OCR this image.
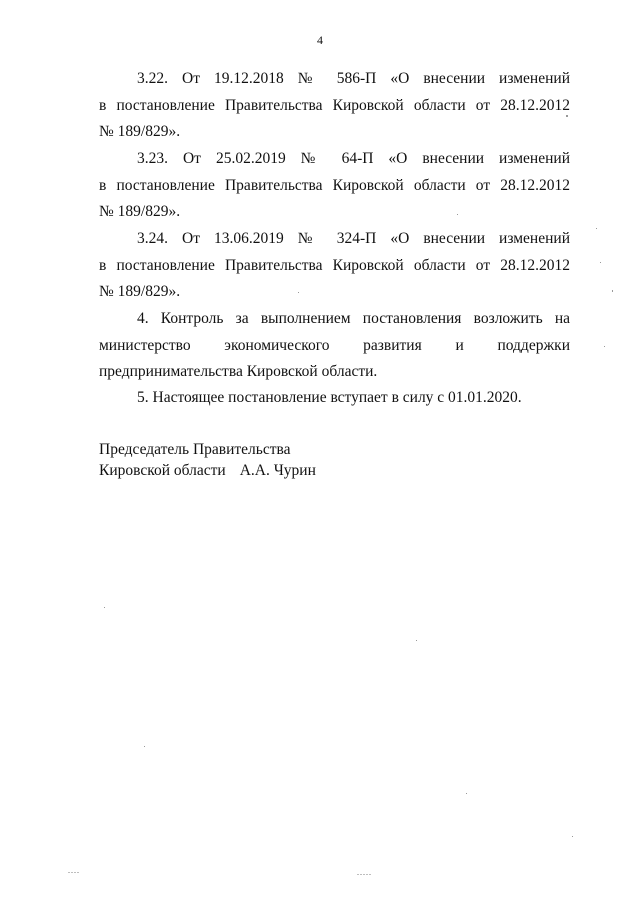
4

3.22. От 19.12.2018 № 586-П «О внесении изменений
в постановление Правительства Кировской области от 28.12.2012
№ 189/829».

3.23. От 25.02.2019 № 64-П «О внесении изменений
в постановление Правительства Кировской области от 28.12.2012
№ 189/829».

3.24. От 13.06.2019 № 324-П «О внесении изменений
в постановление Правительства Кировской области от 28.12.2012
№ 189/829».

4. Контроль за выполнением постановления возложить на
министерство экономического развития и поддержки
предпринимательства Кировской области.

5. Настоящее постановление вступает в силу с 01.01.2020.
Председатель Правительства
Кировской области А.А. Чурин
....	.....
